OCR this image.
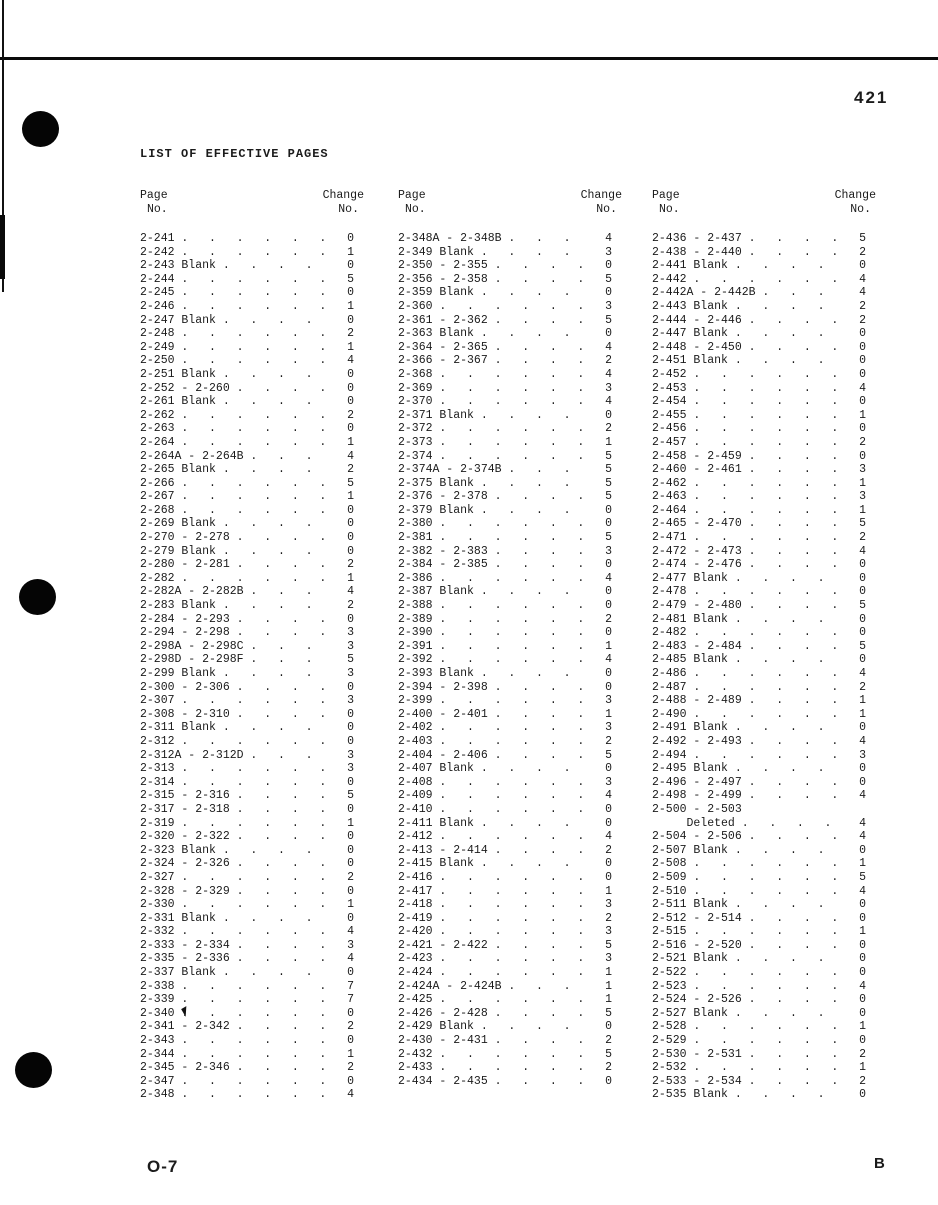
421
LIST OF EFFECTIVE PAGES
Page
No.
Change
No.
2-241 .   .   .   .   .   .	0
2-242 .   .   .   .   .   .	1
2-243 Blank .   .   .   .	0
2-244 .   .   .   .   .   .	5
2-245 .   .   .   .   .   .	0
2-246 .   .   .   .   .   .	1
2-247 Blank .   .   .   .	0
2-248 .   .   .   .   .   .	2
2-249 .   .   .   .   .   .	1
2-250 .   .   .   .   .   .	4
2-251 Blank .   .   .   .	0
2-252 - 2-260 .   .   .   .	0
2-261 Blank .   .   .   .	0
2-262 .   .   .   .   .   .	2
2-263 .   .   .   .   .   .	0
2-264 .   .   .   .   .   .	1
2-264A - 2-264B .   .   .	4
2-265 Blank .   .   .   .	2
2-266 .   .   .   .   .   .	5
2-267 .   .   .   .   .   .	1
2-268 .   .   .   .   .   .	0
2-269 Blank .   .   .   .	0
2-270 - 2-278 .   .   .   .	0
2-279 Blank .   .   .   .	0
2-280 - 2-281 .   .   .   .	2
2-282 .   .   .   .   .   .	1
2-282A - 2-282B .   .   .	4
2-283 Blank .   .   .   .	2
2-284 - 2-293 .   .   .   .	0
2-294 - 2-298 .   .   .   .	3
2-298A - 2-298C .   .   .	3
2-298D - 2-298F .   .   .	5
2-299 Blank .   .   .   .	3
2-300 - 2-306 .   .   .   .	0
2-307 .   .   .   .   .   .	3
2-308 - 2-310 .   .   .   .	0
2-311 Blank .   .   .   .	0
2-312 .   .   .   .   .   .	0
2-312A - 2-312D .   .   .	3
2-313 .   .   .   .   .   .	3
2-314 .   .   .   .   .   .	0
2-315 - 2-316 .   .   .   .	5
2-317 - 2-318 .   .   .   .	0
2-319 .   .   .   .   .   .	1
2-320 - 2-322 .   .   .   .	0
2-323 Blank .   .   .   .	0
2-324 - 2-326 .   .   .   .	0
2-327 .   .   .   .   .   .	2
2-328 - 2-329 .   .   .   .	0
2-330 .   .   .   .   .   .	1
2-331 Blank .   .   .   .	0
2-332 .   .   .   .   .   .	4
2-333 - 2-334 .   .   .   .	3
2-335 - 2-336 .   .   .   .	4
2-337 Blank .   .   .   .	0
2-338 .   .   .   .   .   .	7
2-339 .   .   .   .   .   .	7
2-340 .   .   .   .   .   .	0
2-341 - 2-342 .   .   .   .	2
2-343 .   .   .   .   .   .	0
2-344 .   .   .   .   .   .	1
2-345 - 2-346 .   .   .   .	2
2-347 .   .   .   .   .   .	0
2-348 .   .   .   .   .   .	4
Page
No.
Change
No.
2-348A - 2-348B .   .   .	4
2-349 Blank .   .   .   .	3
2-350 - 2-355 .   .   .   .	0
2-356 - 2-358 .   .   .   .	5
2-359 Blank .   .   .   .	0
2-360 .   .   .   .   .   .	3
2-361 - 2-362 .   .   .   .	5
2-363 Blank .   .   .   .	0
2-364 - 2-365 .   .   .   .	4
2-366 - 2-367 .   .   .   .	2
2-368 .   .   .   .   .   .	4
2-369 .   .   .   .   .   .	3
2-370 .   .   .   .   .   .	4
2-371 Blank .   .   .   .	0
2-372 .   .   .   .   .   .	2
2-373 .   .   .   .   .   .	1
2-374 .   .   .   .   .   .	5
2-374A - 2-374B .   .   .	5
2-375 Blank .   .   .   .	5
2-376 - 2-378 .   .   .   .	5
2-379 Blank .   .   .   .	0
2-380 .   .   .   .   .   .	0
2-381 .   .   .   .   .   .	5
2-382 - 2-383 .   .   .   .	3
2-384 - 2-385 .   .   .   .	0
2-386 .   .   .   .   .   .	4
2-387 Blank .   .   .   .	0
2-388 .   .   .   .   .   .	0
2-389 .   .   .   .   .   .	2
2-390 .   .   .   .   .   .	0
2-391 .   .   .   .   .   .	1
2-392 .   .   .   .   .   .	4
2-393 Blank .   .   .   .	0
2-394 - 2-398 .   .   .   .	0
2-399 .   .   .   .   .   .	3
2-400 - 2-401 .   .   .   .	1
2-402 .   .   .   .   .   .	3
2-403 .   .   .   .   .   .	2
2-404 - 2-406 .   .   .   .	5
2-407 Blank .   .   .   .	0
2-408 .   .   .   .   .   .	3
2-409 .   .   .   .   .   .	4
2-410 .   .   .   .   .   .	0
2-411 Blank .   .   .   .	0
2-412 .   .   .   .   .   .	4
2-413 - 2-414 .   .   .   .	2
2-415 Blank .   .   .   .	0
2-416 .   .   .   .   .   .	0
2-417 .   .   .   .   .   .	1
2-418 .   .   .   .   .   .	3
2-419 .   .   .   .   .   .	2
2-420 .   .   .   .   .   .	3
2-421 - 2-422 .   .   .   .	5
2-423 .   .   .   .   .   .	3
2-424 .   .   .   .   .   .	1
2-424A - 2-424B .   .   .	1
2-425 .   .   .   .   .   .	1
2-426 - 2-428 .   .   .   .	5
2-429 Blank .   .   .   .	0
2-430 - 2-431 .   .   .   .	2
2-432 .   .   .   .   .   .	5
2-433 .   .   .   .   .   .	2
2-434 - 2-435 .   .   .   .	0
Page
No.
Change
No.
2-436 - 2-437 .   .   .   .	5
2-438 - 2-440 .   .   .   .	2
2-441 Blank .   .   .   .	0
2-442 .   .   .   .   .   .	4
2-442A - 2-442B .   .   .	4
2-443 Blank .   .   .   .	2
2-444 - 2-446 .   .   .   .	2
2-447 Blank .   .   .   .	0
2-448 - 2-450 .   .   .   .	0
2-451 Blank .   .   .   .	0
2-452 .   .   .   .   .   .	0
2-453 .   .   .   .   .   .	4
2-454 .   .   .   .   .   .	0
2-455 .   .   .   .   .   .	1
2-456 .   .   .   .   .   .	0
2-457 .   .   .   .   .   .	2
2-458 - 2-459 .   .   .   .	0
2-460 - 2-461 .   .   .   .	3
2-462 .   .   .   .   .   .	1
2-463 .   .   .   .   .   .	3
2-464 .   .   .   .   .   .	1
2-465 - 2-470 .   .   .   .	5
2-471 .   .   .   .   .   .	2
2-472 - 2-473 .   .   .   .	4
2-474 - 2-476 .   .   .   .	0
2-477 Blank .   .   .   .	0
2-478 .   .   .   .   .   .	0
2-479 - 2-480 .   .   .   .	5
2-481 Blank .   .   .   .	0
2-482 .   .   .   .   .   .	0
2-483 - 2-484 .   .   .   .	5
2-485 Blank .   .   .   .	0
2-486 .   .   .   .   .   .	4
2-487 .   .   .   .   .   .	2
2-488 - 2-489 .   .   .   .	1
2-490 .   .   .   .   .   .	1
2-491 Blank .   .   .   .	0
2-492 - 2-493 .   .   .   .	4
2-494 .   .   .   .   .   .	3
2-495 Blank .   .   .   .	0
2-496 - 2-497 .   .   .   .	0
2-498 - 2-499 .   .   .   .	4
2-500 - 2-503
Deleted .   .   .   .	4
2-504 - 2-506 .   .   .   .	4
2-507 Blank .   .   .   .	0
2-508 .   .   .   .   .   .	1
2-509 .   .   .   .   .   .	5
2-510 .   .   .   .   .   .	4
2-511 Blank .   .   .   .	0
2-512 - 2-514 .   .   .   .	0
2-515 .   .   .   .   .   .	1
2-516 - 2-520 .   .   .   .	0
2-521 Blank .   .   .   .	0
2-522 .   .   .   .   .   .	0
2-523 .   .   .   .   .   .	4
2-524 - 2-526 .   .   .   .	0
2-527 Blank .   .   .   .	0
2-528 .   .   .   .   .   .	1
2-529 .   .   .   .   .   .	0
2-530 - 2-531 .   .   .   .	2
2-532 .   .   .   .   .   .	1
2-533 - 2-534 .   .   .   .	2
2-535 Blank .   .   .   .	0
O-7	B
